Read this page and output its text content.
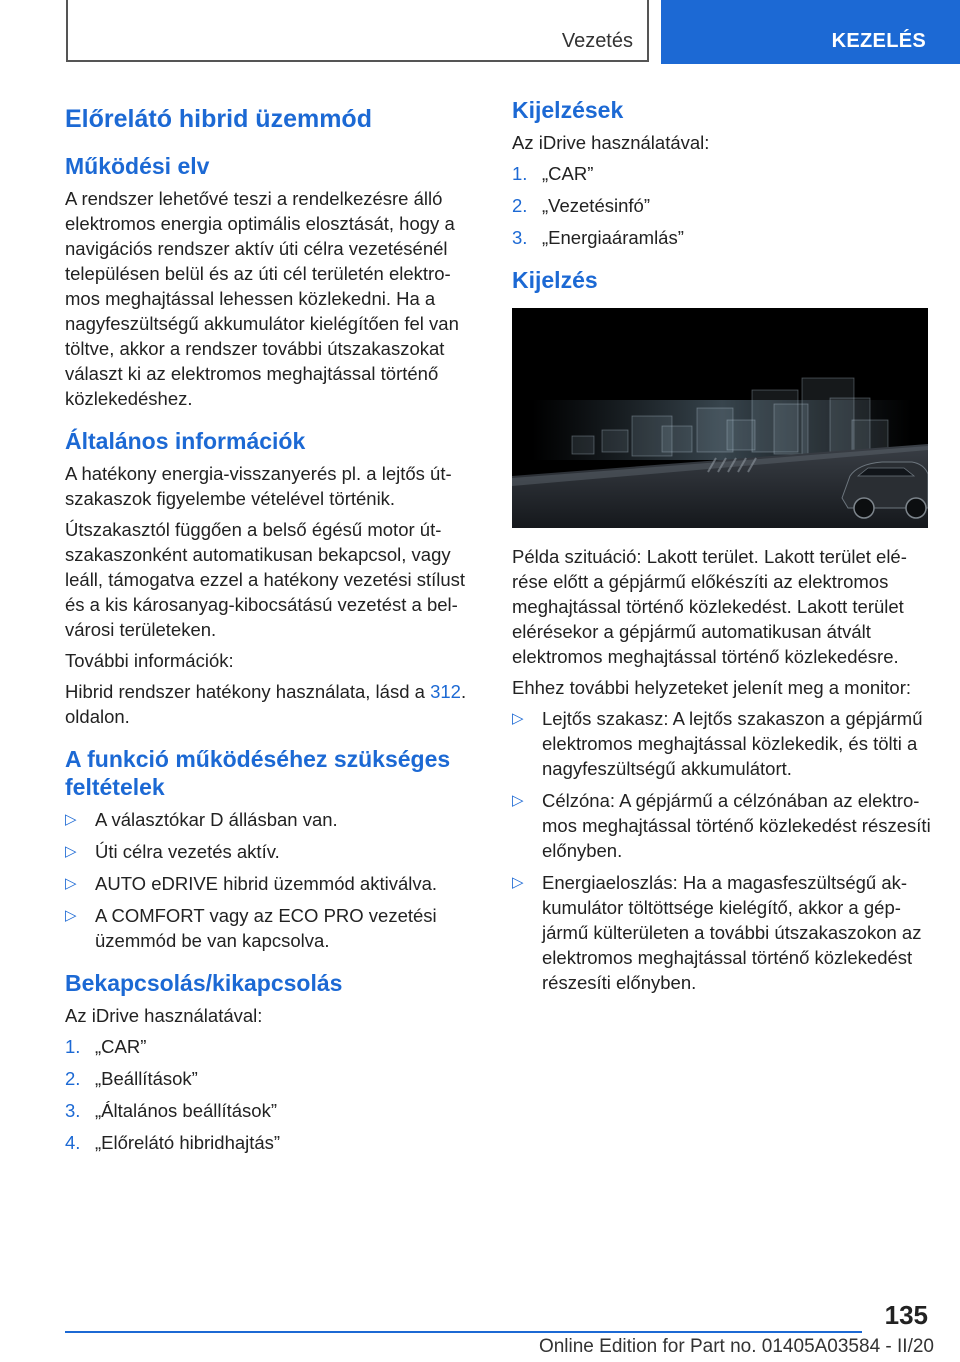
Vezetés	KEZELÉS
Előrelátó hibrid üzemmód
Működési elv

A rendszer lehetővé teszi a rendelkezésre álló elektromos energia optimális elosztását, hogy a navigációs rendszer aktív úti célra vezetésénél településen belül és az úti cél területén elektromos meghajtással lehessen közlekedni. Ha a nagyfeszültségű akkumulátor kielégítően fel van töltve, akkor a rendszer további útszakaszokat választ ki az elektromos meghajtással történő közlekedéshez.

Általános információk

A hatékony energia-visszanyerés pl. a lejtős útszakaszok figyelembe vételével történik.

Útszakasztól függően a belső égésű motor útszakaszonként automatikusan bekapcsol, vagy leáll, támogatva ezzel a hatékony vezetési stílust és a kis károsanyag-kibocsátású vezetést a belvárosi területeken.

További információk:

Hibrid rendszer hatékony használata, lásd a 312. oldalon.

A funkció működéséhez szükséges feltételek
▷ A választókar D állásban van.
▷ Úti célra vezetés aktív.
▷ AUTO eDRIVE hibrid üzemmód aktiválva.
▷ A COMFORT vagy az ECO PRO vezetési üzemmód be van kapcsolva.
Bekapcsolás/kikapcsolás

Az iDrive használatával:

1. „CAR”
2. „Beállítások”
3. „Általános beállítások”
4. „Előrelátó hibridhajtás”
Kijelzések

Az iDrive használatával:

1. „CAR”
2. „Vezetésinfó”
3. „Energiaáramlás”
Kijelzés

Példa szituáció: Lakott terület. Lakott terület elérése előtt a gépjármű előkészíti az elektromos meghajtással történő közlekedést. Lakott terület elérésekor a gépjármű automatikusan átvált elektromos meghajtással történő közlekedésre.

Ehhez további helyzeteket jelenít meg a monitor:

▷ Lejtős szakasz: A lejtős szakaszon a gépjármű elektromos meghajtással közlekedik, és tölti a nagyfeszültségű akkumulátort.
▷ Célzóna: A gépjármű a célzónában az elektromos meghajtással történő közlekedést részesíti előnyben.
▷ Energiaeloszlás: Ha a magasfeszültségű akkumulátor töltöttsége kielégítő, akkor a gépjármű külterületen a további útszakaszokon az elektromos meghajtással történő közlekedést részesíti előnyben.
135
Online Edition for Part no. 01405A03584 - II/20
